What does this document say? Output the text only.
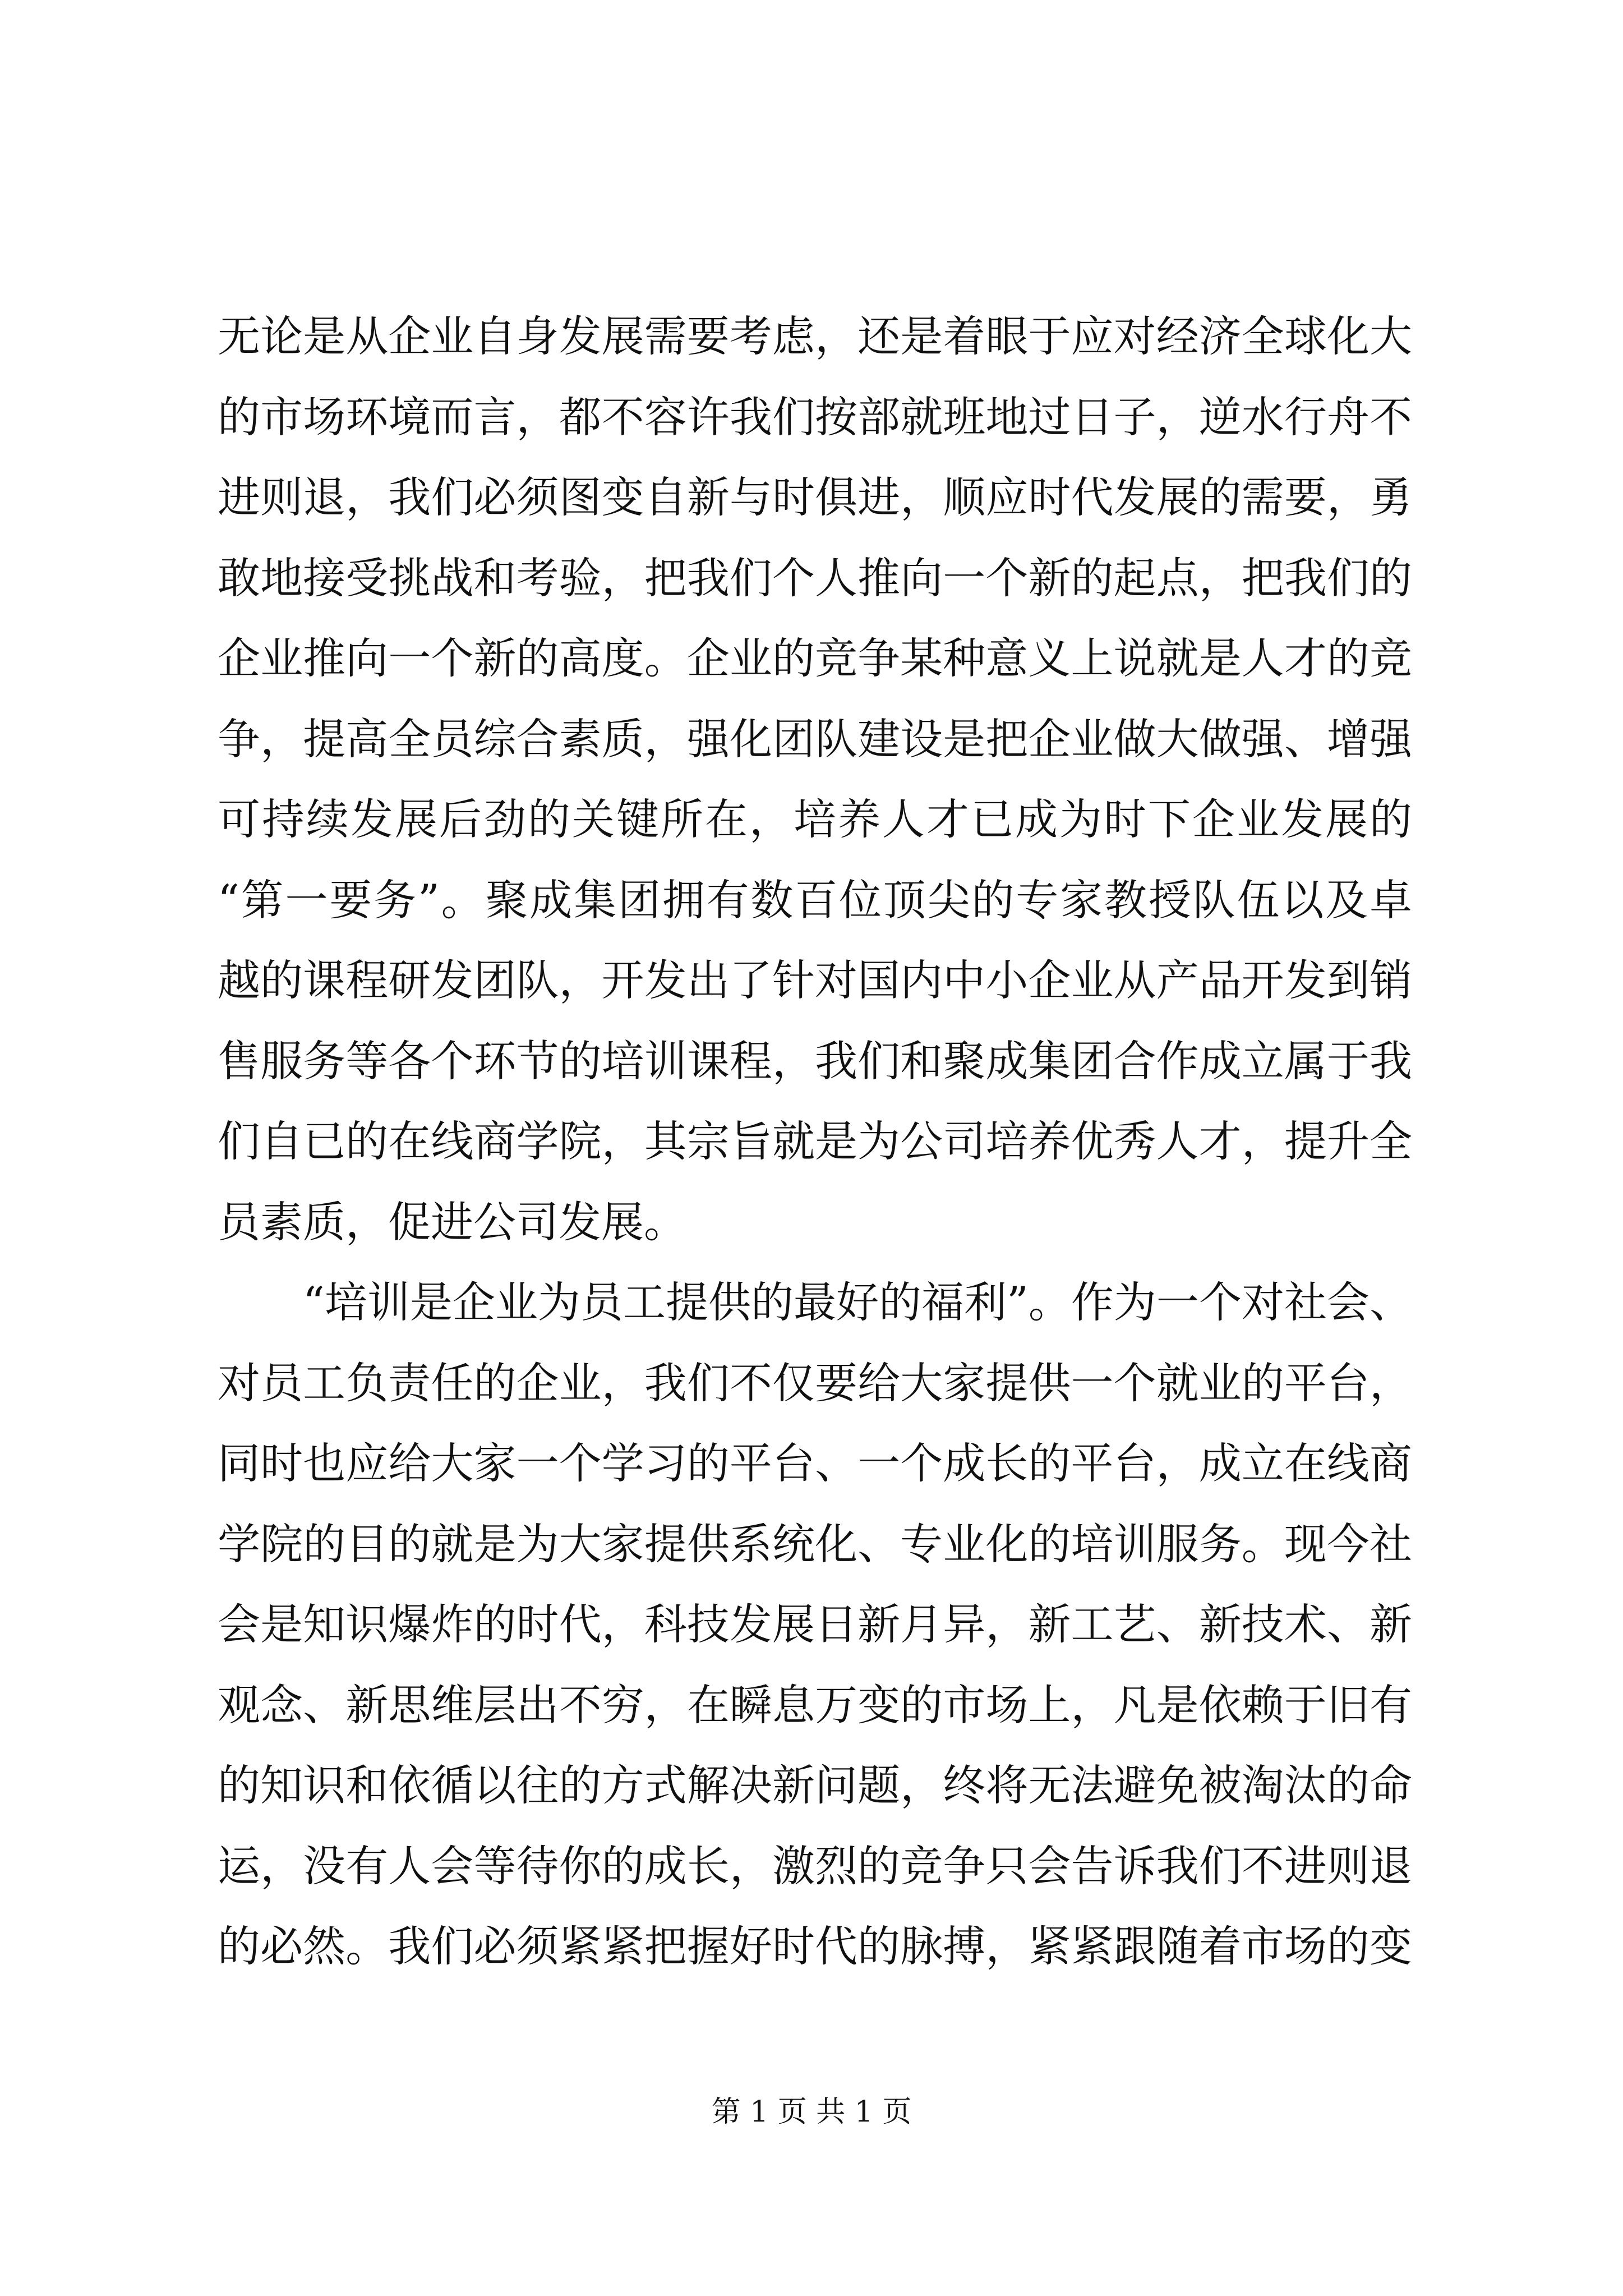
无论是从企业自身发展需要考虑，还是着眼于应对经济全球化大
的市场环境而言，都不容许我们按部就班地过日子，逆水行舟不
进则退，我们必须图变自新与时俱进，顺应时代发展的需要，勇
敢地接受挑战和考验，把我们个人推向一个新的起点，把我们的
企业推向一个新的高度。企业的竞争某种意义上说就是人才的竞
争，提高全员综合素质，强化团队建设是把企业做大做强、增强
可持续发展后劲的关键所在，培养人才已成为时下企业发展的
“第一要务”。聚成集团拥有数百位顶尖的专家教授队伍以及卓
越的课程研发团队，开发出了针对国内中小企业从产品开发到销
售服务等各个环节的培训课程，我们和聚成集团合作成立属于我
们自已的在线商学院，其宗旨就是为公司培养优秀人才，提升全
员素质，促进公司发展。
“培训是企业为员工提供的最好的福利”。作为一个对社会、
对员工负责任的企业，我们不仅要给大家提供一个就业的平台，
同时也应给大家一个学习的平台、一个成长的平台，成立在线商
学院的目的就是为大家提供系统化、专业化的培训服务。现今社
会是知识爆炸的时代，科技发展日新月异，新工艺、新技术、新
观念、新思维层出不穷，在瞬息万变的市场上，凡是依赖于旧有
的知识和依循以往的方式解决新问题，终将无法避免被淘汰的命
运，没有人会等待你的成长，激烈的竞争只会告诉我们不进则退
的必然。我们必须紧紧把握好时代的脉搏，紧紧跟随着市场的变
第 1 页 共 1 页
